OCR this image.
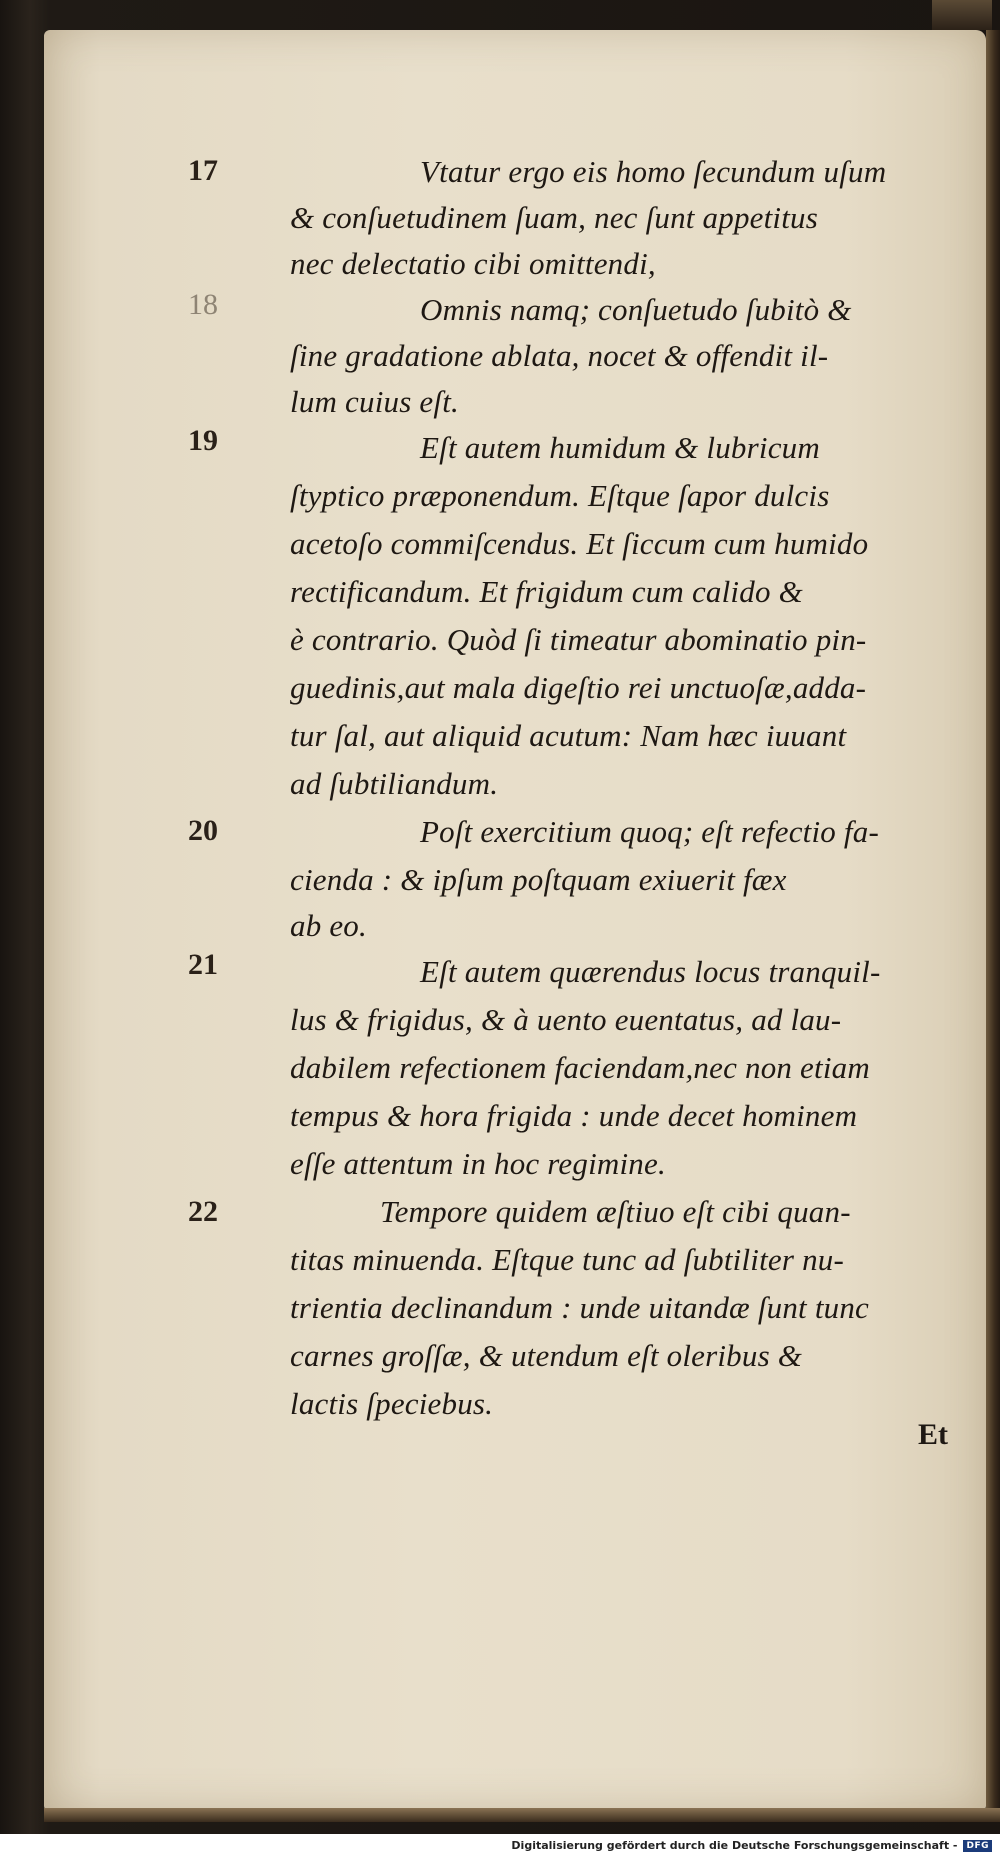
17
18
19
20
21
22
Vtatur ergo eis homo ſecundum uſum
& conſuetudinem ſuam, nec ſunt appetitus
nec delectatio cibi omittendi,
Omnis namq; conſuetudo ſubitò &
ſine gradatione ablata, nocet & offendit il-
lum cuius eſt.
Eſt autem humidum & lubricum
ſtyptico præponendum. Eſtque ſapor dulcis
acetoſo commiſcendus. Et ſiccum cum humido
rectificandum. Et frigidum cum calido &
è contrario. Quòd ſi timeatur abominatio pin-
guedinis,aut mala digeſtio rei unctuoſæ,adda-
tur ſal, aut aliquid acutum: Nam hæc iuuant
ad ſubtiliandum.
Poſt exercitium quoq; eſt refectio fa-
cienda : & ipſum poſtquam exiuerit fæx
ab eo.
Eſt autem quærendus locus tranquil-
lus & frigidus, & à uento euentatus, ad lau-
dabilem refectionem faciendam,nec non etiam
tempus & hora frigida : unde decet hominem
eſſe attentum in hoc regimine.
Tempore quidem æſtiuo eſt cibi quan-
titas minuenda. Eſtque tunc ad ſubtiliter nu-
trientia declinandum : unde uitandæ ſunt tunc
carnes groſſæ, & utendum eſt oleribus &
lactis ſpeciebus.
Et
Digitalisierung gefördert durch die Deutsche Forschungsgemeinschaft -	DFG
